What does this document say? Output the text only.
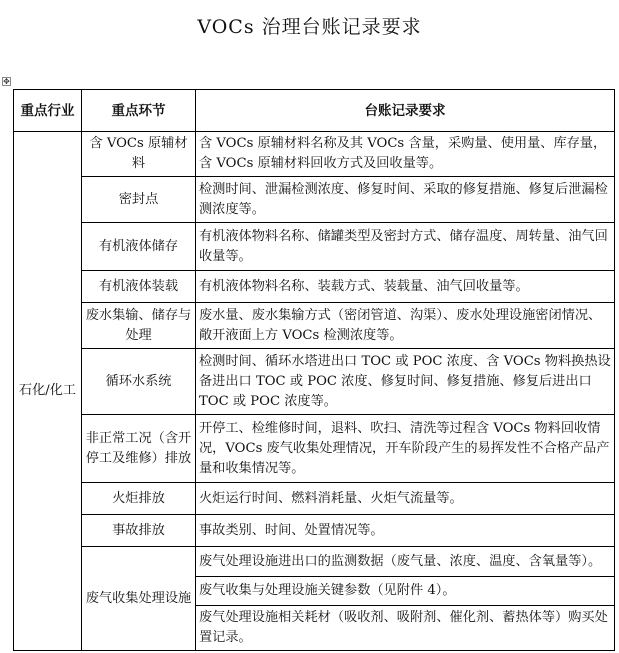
VOCs 治理台账记录要求
✥
重点行业	重点环节	台账记录要求
石化/化工	含 VOCs 原辅材料	含 VOCs 原辅材料名称及其 VOCs 含量，采购量、使用量、库存量，含 VOCs 原辅材料回收方式及回收量等。
	密封点	检测时间、泄漏检测浓度、修复时间、采取的修复措施、修复后泄漏检测浓度等。
	有机液体储存	有机液体物料名称、储罐类型及密封方式、储存温度、周转量、油气回收量等。
	有机液体装载	有机液体物料名称、装载方式、装载量、油气回收量等。
	废水集输、储存与处理	废水量、废水集输方式（密闭管道、沟渠）、废水处理设施密闭情况、敞开液面上方 VOCs 检测浓度等。
	循环水系统	检测时间、循环水塔进出口 TOC 或 POC 浓度、含 VOCs 物料换热设备进出口 TOC 或 POC 浓度、修复时间、修复措施、修复后进出口 TOC 或 POC 浓度等。
	非正常工况（含开停工及维修）排放	开停工、检维修时间，退料、吹扫、清洗等过程含 VOCs 物料回收情况，VOCs 废气收集处理情况，开车阶段产生的易挥发性不合格产品产量和收集情况等。
	火炬排放	火炬运行时间、燃料消耗量、火炬气流量等。
	事故排放	事故类别、时间、处置情况等。
	废气收集处理设施	废气处理设施进出口的监测数据（废气量、浓度、温度、含氧量等）。
		废气收集与处理设施关键参数（见附件 4）。
		废气处理设施相关耗材（吸收剂、吸附剂、催化剂、蓄热体等）购买处置记录。
